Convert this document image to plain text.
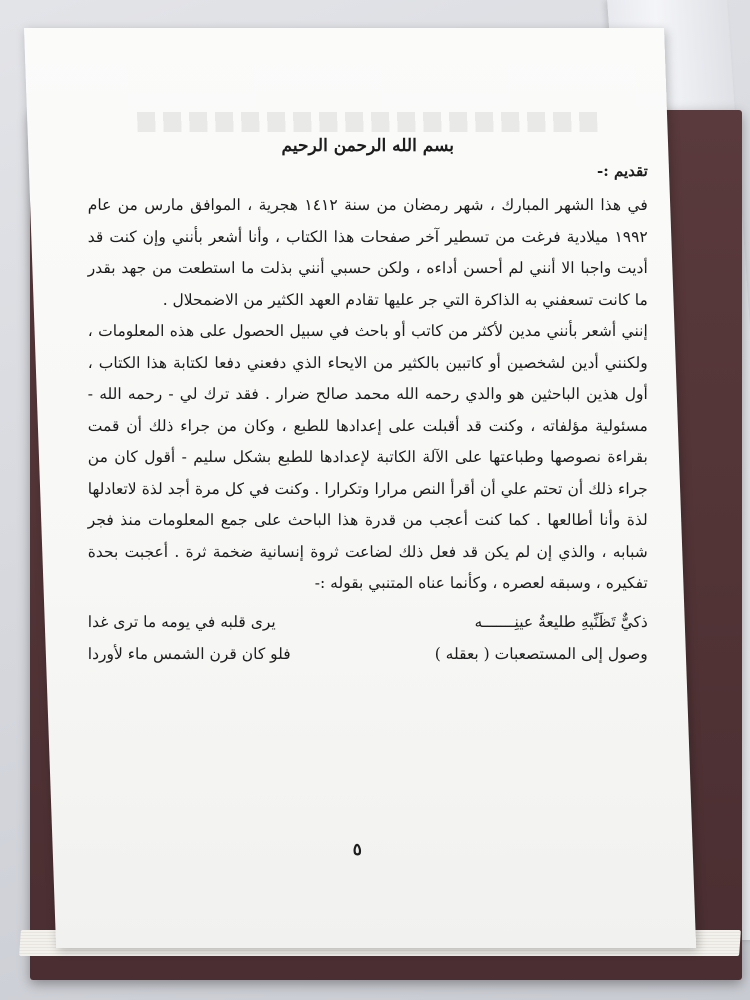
بسم الله الرحمن الرحيم
تقديم :-

في هذا الشهر المبارك ، شهر رمضان من سنة ١٤١٢ هجرية ، الموافق مارس من عام ١٩٩٢ ميلادية فرغت من تسطير آخر صفحات هذا الكتاب ، وأنا أشعر بأنني وإن كنت قد أديت واجبا الا أنني لم أحسن أداءه ، ولكن حسبي أنني بذلت ما استطعت من جهد بقدر ما كانت تسعفني به الذاكرة التي جر عليها تقادم العهد الكثير من الاضمحلال .

إنني أشعر بأنني مدين لأكثر من كاتب أو باحث في سبيل الحصول على هذه المعلومات ، ولكنني أدين لشخصين أو كاتبين بالكثير من الايحاء الذي دفعني دفعا لكتابة هذا الكتاب ، أول هذين الباحثين هو والدي رحمه الله محمد صالح ضرار . فقد ترك لي - رحمه الله - مسئولية مؤلفاته ، وكنت قد أقبلت على إعدادها للطبع ، وكان من جراء ذلك أن قمت بقراءة نصوصها وطباعتها على الآلة الكاتبة لإعدادها للطبع بشكل سليم - أقول كان من جراء ذلك أن تحتم علي أن أقرأ النص مرارا وتكرارا . وكنت في كل مرة أجد لذة لاتعادلها لذة وأنا أطالعها . كما كنت أعجب من قدرة هذا الباحث على جمع المعلومات منذ فجر شبابه ، والذي إن لم يكن قد فعل ذلك لضاعت ثروة إنسانية ضخمة ثرة . أعجبت بحدة تفكيره ، وسبقه لعصره ، وكأنما عناه المتنبي بقوله :-

ذكيٌّ تَظَنِّيهِ طليعةُ عينِـــــــه
يرى قلبه في يومه ما ترى غدا
وصول إلى المستصعبات ( بعقله )
فلو كان قرن الشمس ماء لأوردا
٥
